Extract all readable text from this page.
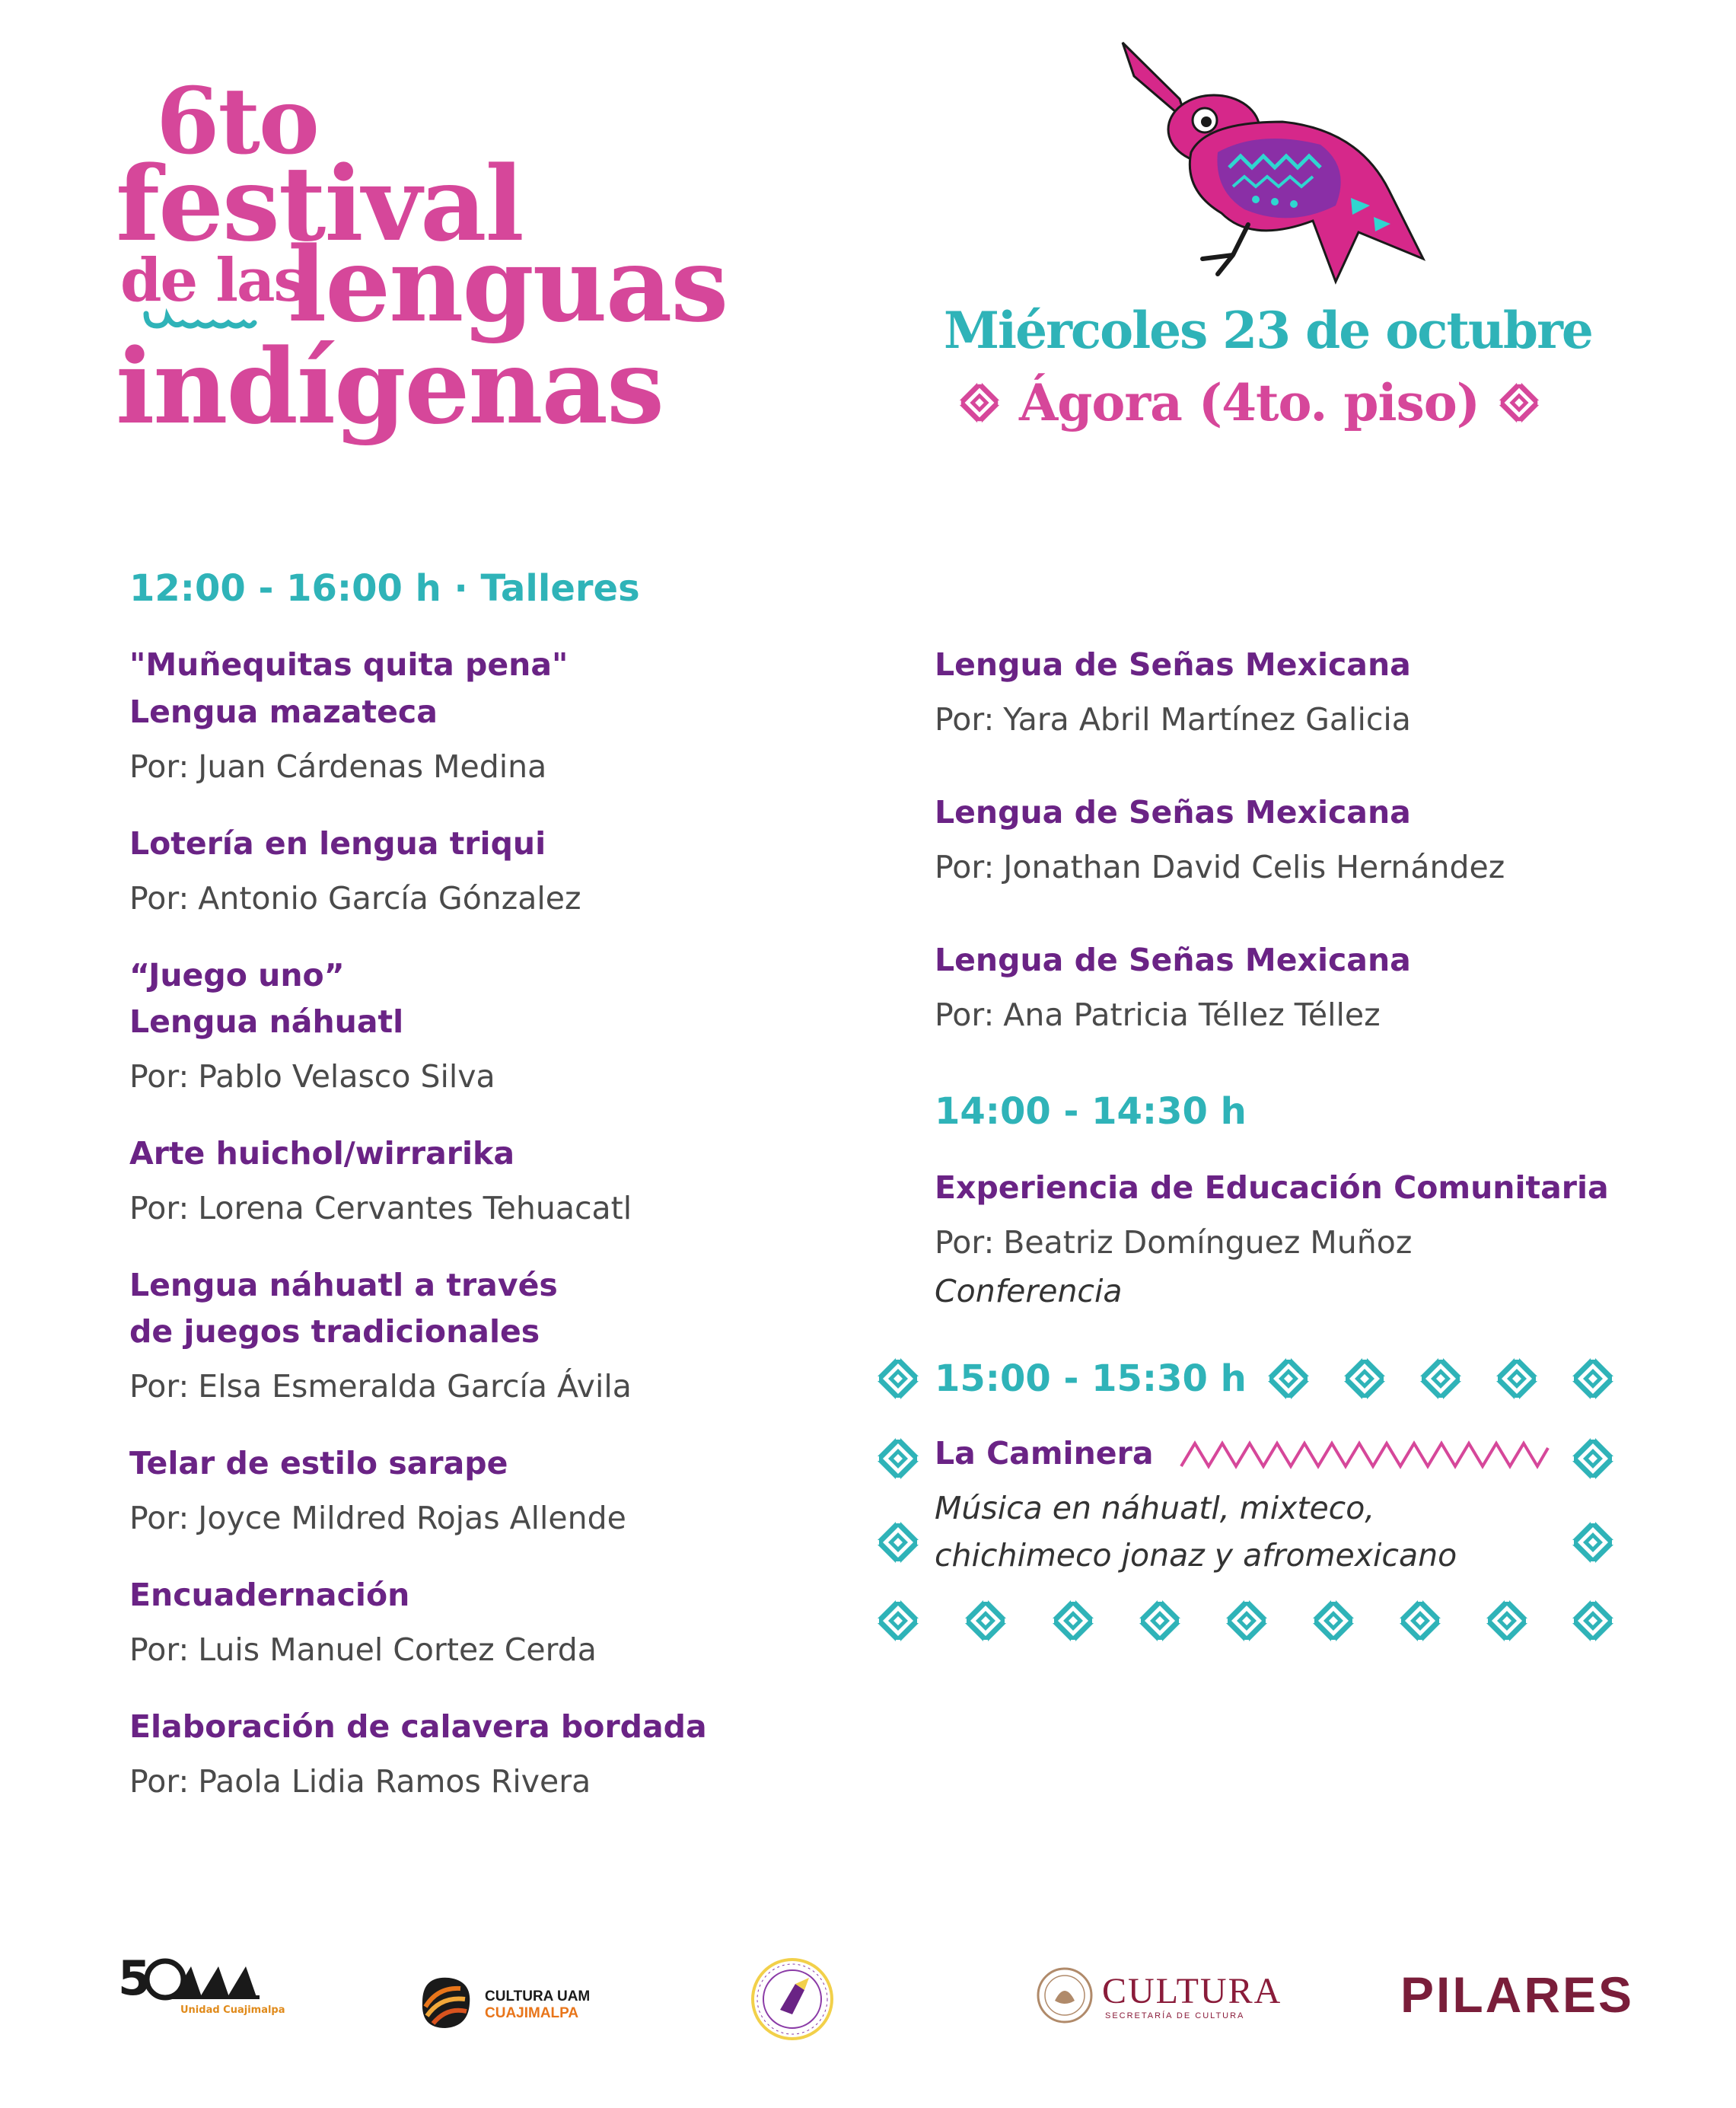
6to
festival
de las
lenguas
indígenas	Miércoles 23 de octubre
Ágora (4to. piso)
12:00 - 16:00 h · Talleres
"Muñequitas quita pena"
Lengua mazateca
Por: Juan Cárdenas Medina
Lotería en lengua triqui
Por: Antonio García Gónzalez
“Juego uno”
Lengua náhuatl
Por: Pablo Velasco Silva
Arte huichol/wirrarika
Por: Lorena Cervantes Tehuacatl
Lengua náhuatl a través
de juegos tradicionales
Por: Elsa Esmeralda García Ávila
Telar de estilo sarape
Por: Joyce Mildred Rojas Allende
Encuadernación
Por: Luis Manuel Cortez Cerda
Elaboración de calavera bordada
Por: Paola Lidia Ramos Rivera
Lengua de Señas Mexicana
Por: Yara Abril Martínez Galicia
Lengua de Señas Mexicana
Por: Jonathan David Celis Hernández
Lengua de Señas Mexicana
Por: Ana Patricia Téllez Téllez
14:00 - 14:30 h
Experiencia de Educación Comunitaria
Por: Beatriz Domínguez Muñoz
Conferencia
15:00 - 15:30 h
La Caminera
Música en náhuatl, mixteco,
chichimeco jonaz y afromexicano
5
Unidad Cuajimalpa
CULTURA UAM
CUAJIMALPA
CULTURA
SECRETARÍA DE CULTURA	PILARES
